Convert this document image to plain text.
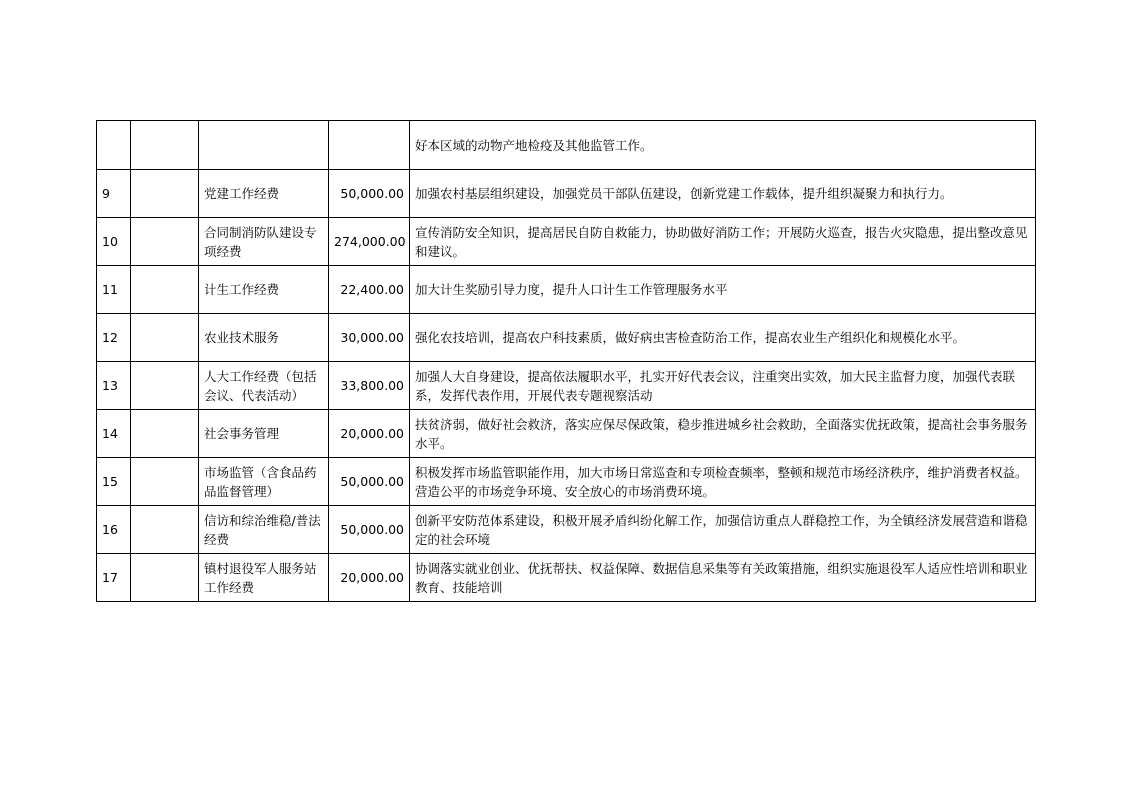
				好本区域的动物产地检疫及其他监管工作。
9		党建工作经费	50,000.00	加强农村基层组织建设，加强党员干部队伍建设，创新党建工作载体，提升组织凝聚力和执行力。
10		合同制消防队建设专项经费	274,000.00	宣传消防安全知识，提高居民自防自救能力，协助做好消防工作；开展防火巡查，报告火灾隐患，提出整改意见和建议。
11		计生工作经费	22,400.00	加大计生奖励引导力度，提升人口计生工作管理服务水平
12		农业技术服务	30,000.00	强化农技培训，提高农户科技素质，做好病虫害检查防治工作，提高农业生产组织化和规模化水平。
13		人大工作经费（包括会议、代表活动）	33,800.00	加强人大自身建设，提高依法履职水平，扎实开好代表会议，注重突出实效，加大民主监督力度，加强代表联系，发挥代表作用，开展代表专题视察活动
14		社会事务管理	20,000.00	扶贫济弱，做好社会救济，落实应保尽保政策，稳步推进城乡社会救助，全面落实优抚政策，提高社会事务服务水平。
15		市场监管（含食品药品监督管理）	50,000.00	积极发挥市场监管职能作用，加大市场日常巡查和专项检查频率，整顿和规范市场经济秩序，维护消费者权益。营造公平的市场竞争环境、安全放心的市场消费环境。
16		信访和综治维稳/普法经费	50,000.00	创新平安防范体系建设，积极开展矛盾纠纷化解工作，加强信访重点人群稳控工作，为全镇经济发展营造和谐稳定的社会环境
17		镇村退役军人服务站工作经费	20,000.00	协调落实就业创业、优抚帮扶、权益保障、数据信息采集等有关政策措施，组织实施退役军人适应性培训和职业教育、技能培训
